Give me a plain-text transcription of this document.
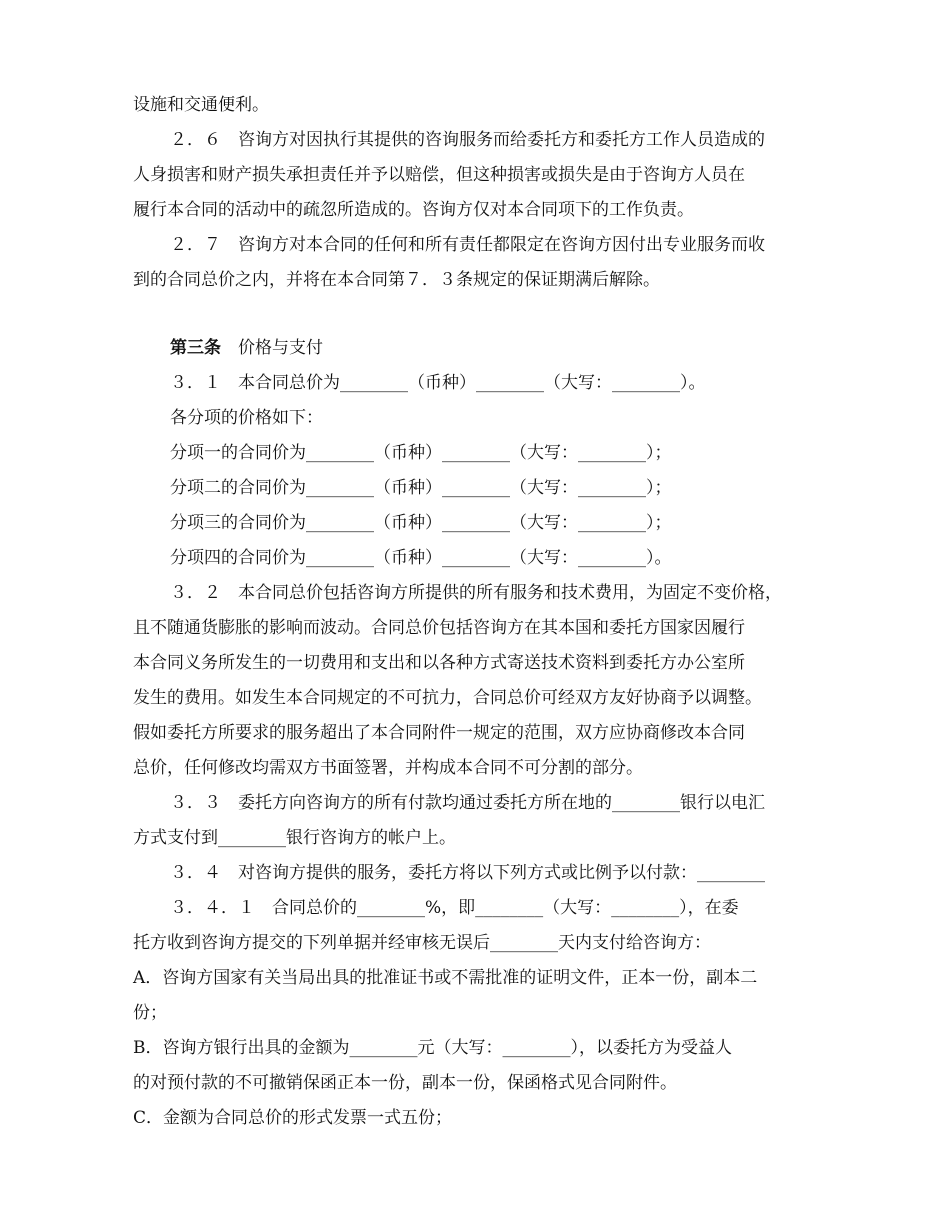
设施和交通便利。
２．６　咨询方对因执行其提供的咨询服务而给委托方和委托方工作人员造成的
人身损害和财产损失承担责任并予以赔偿，但这种损害或损失是由于咨询方人员在
履行本合同的活动中的疏忽所造成的。咨询方仅对本合同项下的工作负责。
２．７　咨询方对本合同的任何和所有责任都限定在咨询方因付出专业服务而收
到的合同总价之内，并将在本合同第７．３条规定的保证期满后解除。
第三条　 价格与支付
３．１　本合同总价为________（币种）________（大写：________）。
各分项的价格如下：
分项一的合同价为________（币种）________（大写：________）；
分项二的合同价为________（币种）________（大写：________）；
分项三的合同价为________（币种）________（大写：________）；
分项四的合同价为________（币种）________（大写：________）。
３．２　本合同总价包括咨询方所提供的所有服务和技术费用，为固定不变价格，
且不随通货膨胀的影响而波动。合同总价包括咨询方在其本国和委托方国家因履行
本合同义务所发生的一切费用和支出和以各种方式寄送技术资料到委托方办公室所
发生的费用。如发生本合同规定的不可抗力，合同总价可经双方友好协商予以调整。
假如委托方所要求的服务超出了本合同附件一规定的范围，双方应协商修改本合同
总价，任何修改均需双方书面签署，并构成本合同不可分割的部分。
３．３　委托方向咨询方的所有付款均通过委托方所在地的________银行以电汇
方式支付到________银行咨询方的帐户上。
３．４　对咨询方提供的服务，委托方将以下列方式或比例予以付款：________
３．４．１　合同总价的________%，即________（大写：________），在委
托方收到咨询方提交的下列单据并经审核无误后________天内支付给咨询方：
A．咨询方国家有关当局出具的批准证书或不需批准的证明文件，正本一份，副本二
份；
B．咨询方银行出具的金额为________元（大写：________），以委托方为受益人
的对预付款的不可撤销保函正本一份，副本一份，保函格式见合同附件。
C．金额为合同总价的形式发票一式五份；
